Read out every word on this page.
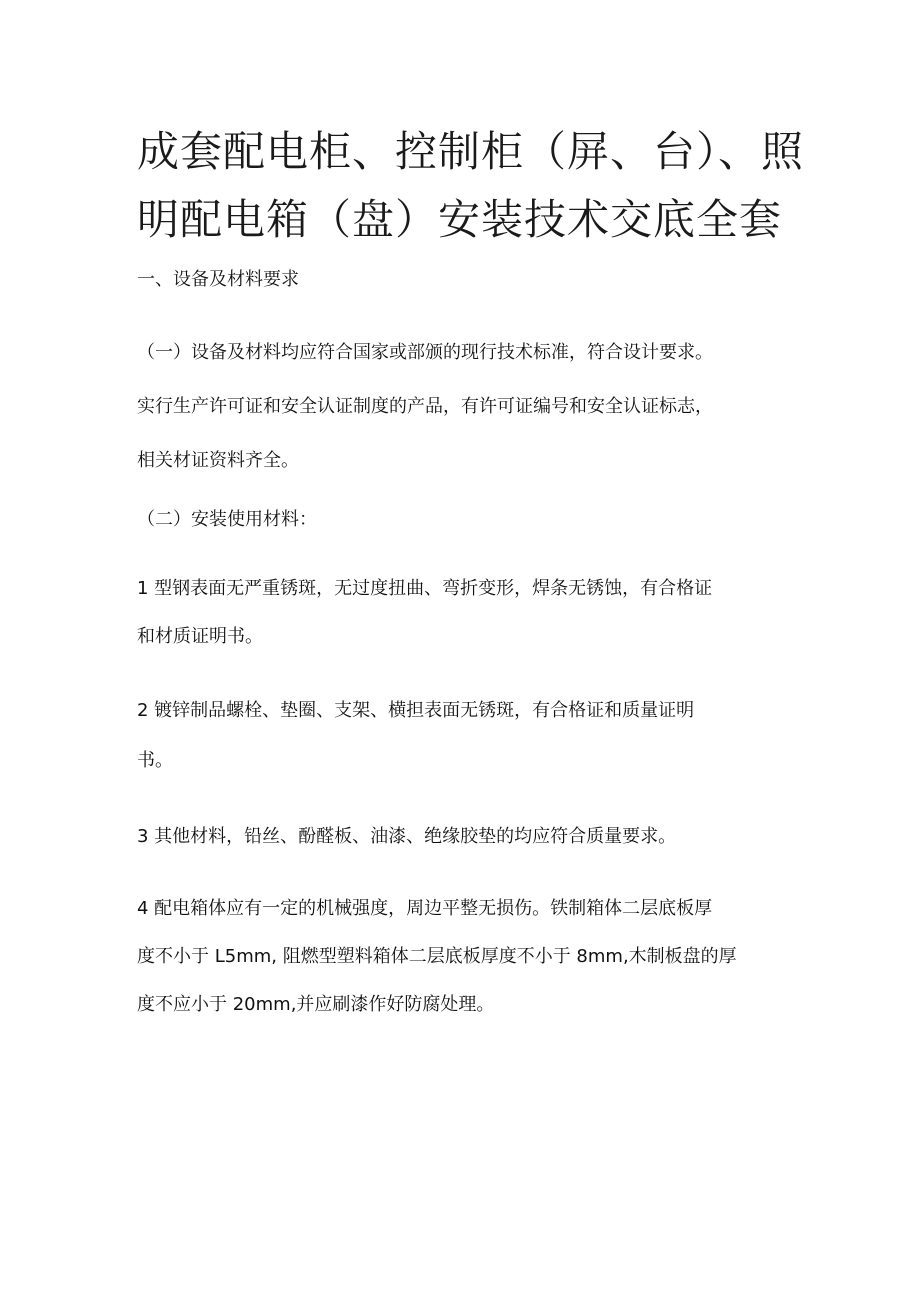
成套配电柜、控制柜（屏、台）、照
明配电箱（盘）安装技术交底全套
一、设备及材料要求
（一）设备及材料均应符合国家或部颁的现行技术标准，符合设计要求。
实行生产许可证和安全认证制度的产品，有许可证编号和安全认证标志，
相关材证资料齐全。
（二）安装使用材料：
1 型钢表面无严重锈斑，无过度扭曲、弯折变形，焊条无锈蚀，有合格证
和材质证明书。
2 镀锌制品螺栓、垫圈、支架、横担表面无锈斑，有合格证和质量证明
书。
3 其他材料，铅丝、酚醛板、油漆、绝缘胶垫的均应符合质量要求。
4 配电箱体应有一定的机械强度，周边平整无损伤。铁制箱体二层底板厚
度不小于 L5mm, 阻燃型塑料箱体二层底板厚度不小于 8mm,木制板盘的厚
度不应小于 20mm,并应刷漆作好防腐处理。
